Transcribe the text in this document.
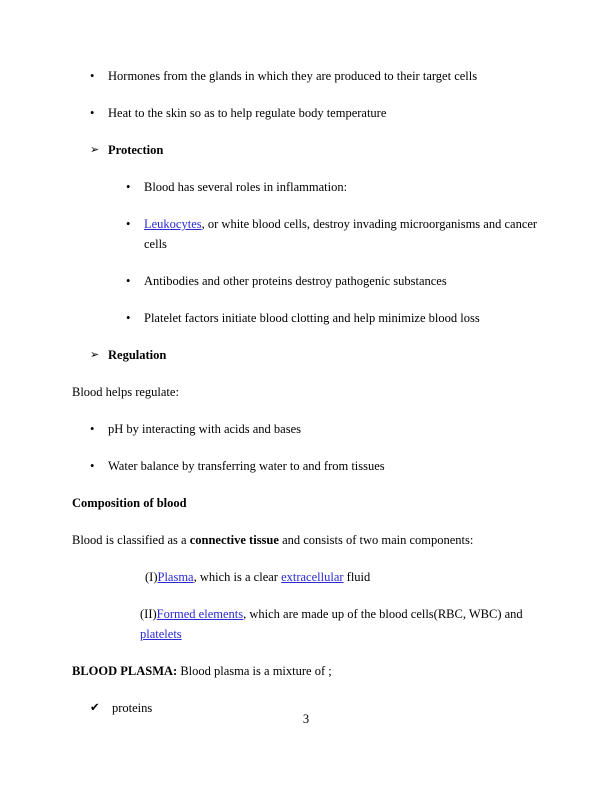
•	Hormones from the glands in which they are produced to their target cells

•	Heat to the skin so as to help regulate body temperature

➢ Protection

•	Blood has several roles in inflammation:

•	Leukocytes, or white blood cells, destroy invading microorganisms and cancer cells

•	Antibodies and other proteins destroy pathogenic substances

•	Platelet factors initiate blood clotting and help minimize blood loss

➢ Regulation

Blood helps regulate:

•	pH by interacting with acids and bases

•	Water balance by transferring water to and from tissues

Composition of blood

Blood is classified as a connective tissue and consists of two main components:

(I)Plasma, which is a clear extracellular fluid

(II)Formed elements, which are made up of the blood cells(RBC, WBC) and platelets

BLOOD PLASMA: Blood plasma is a mixture of ;

✔ proteins

3
